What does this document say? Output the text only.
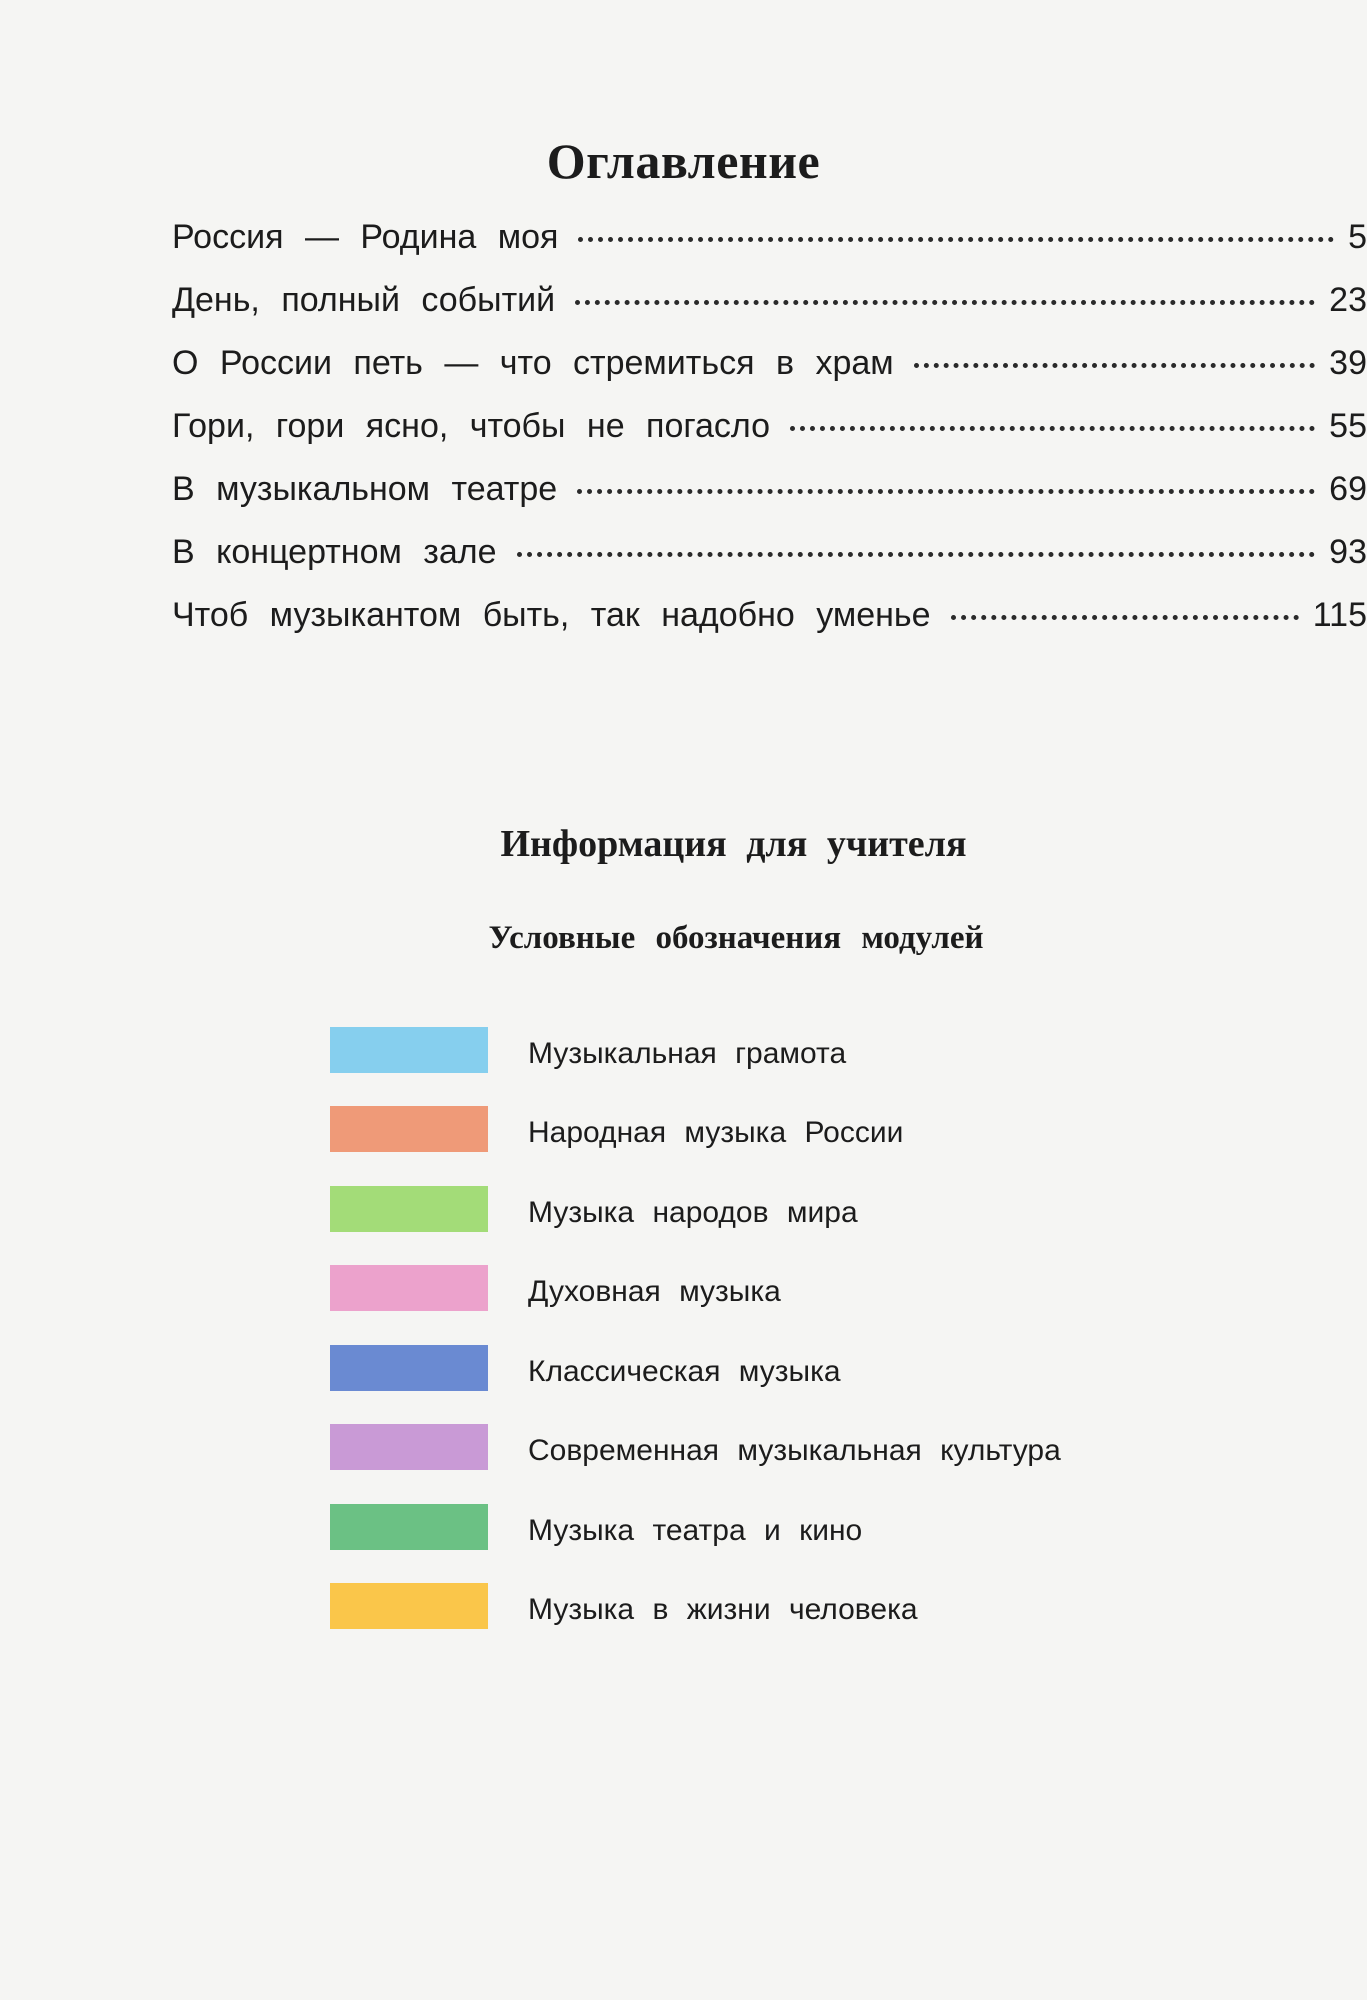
Оглавление
Россия — Родина моя	5
День, полный событий	23
О России петь — что стремиться в храм	39
Гори, гори ясно, чтобы не погасло	55
В музыкальном театре	69
В концертном зале	93
Чтоб музыкантом быть, так надобно уменье	115
Информация для учителя
Условные обозначения модулей
Музыкальная грамота
Народная музыка России
Музыка народов мира
Духовная музыка
Классическая музыка
Современная музыкальная культура
Музыка театра и кино
Музыка в жизни человека
